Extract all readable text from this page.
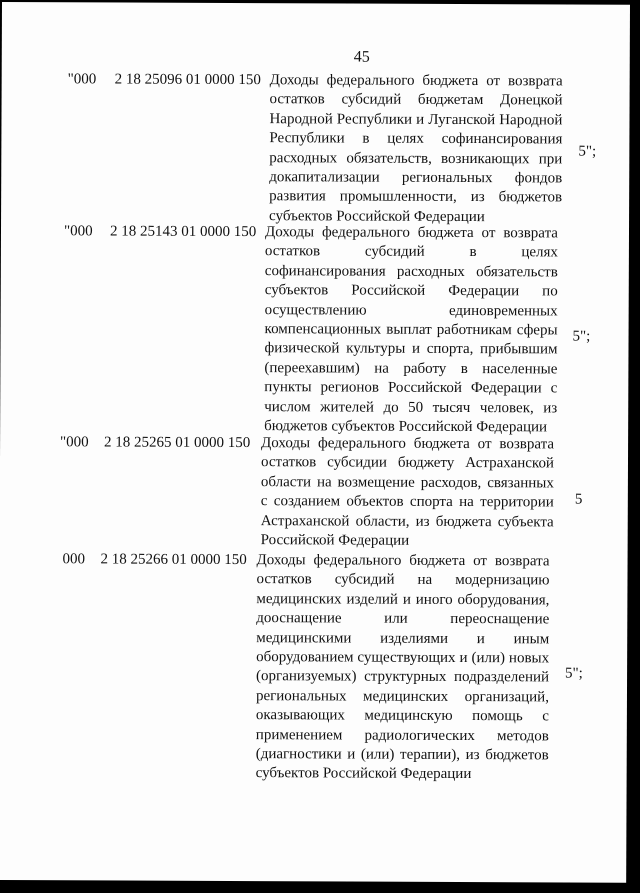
45
"000 2 18 25096 01 0000 150 Доходы федерального бюджета от возврата остатков субсидий бюджетам Донецкой Народной Республики и Луганской Народной Республики в целях софинансирования расходных обязательств, возникающих при докапитализации региональных фондов развития промышленности, из бюджетов субъектов Российской Федерации
5";
"000 2 18 25143 01 0000 150 Доходы федерального бюджета от возврата остатков субсидий в целях софинансирования расходных обязательств субъектов Российской Федерации по осуществлению единовременных компенсационных выплат работникам сферы физической культуры и спорта, прибывшим (переехавшим) на работу в населенные пункты регионов Российской Федерации с числом жителей до 50 тысяч человек, из бюджетов субъектов Российской Федерации
5";
"000 2 18 25265 01 0000 150 Доходы федерального бюджета от возврата остатков субсидии бюджету Астраханской области на возмещение расходов, связанных с созданием объектов спорта на территории Астраханской области, из бюджета субъекта Российской Федерации
5
000 2 18 25266 01 0000 150 Доходы федерального бюджета от возврата остатков субсидий на модернизацию медицинских изделий и иного оборудования, дооснащение или переоснащение медицинскими изделиями и иным оборудованием существующих и (или) новых (организуемых) структурных подразделений региональных медицинских организаций, оказывающих медицинскую помощь с применением радиологических методов (диагностики и (или) терапии), из бюджетов субъектов Российской Федерации
5";
